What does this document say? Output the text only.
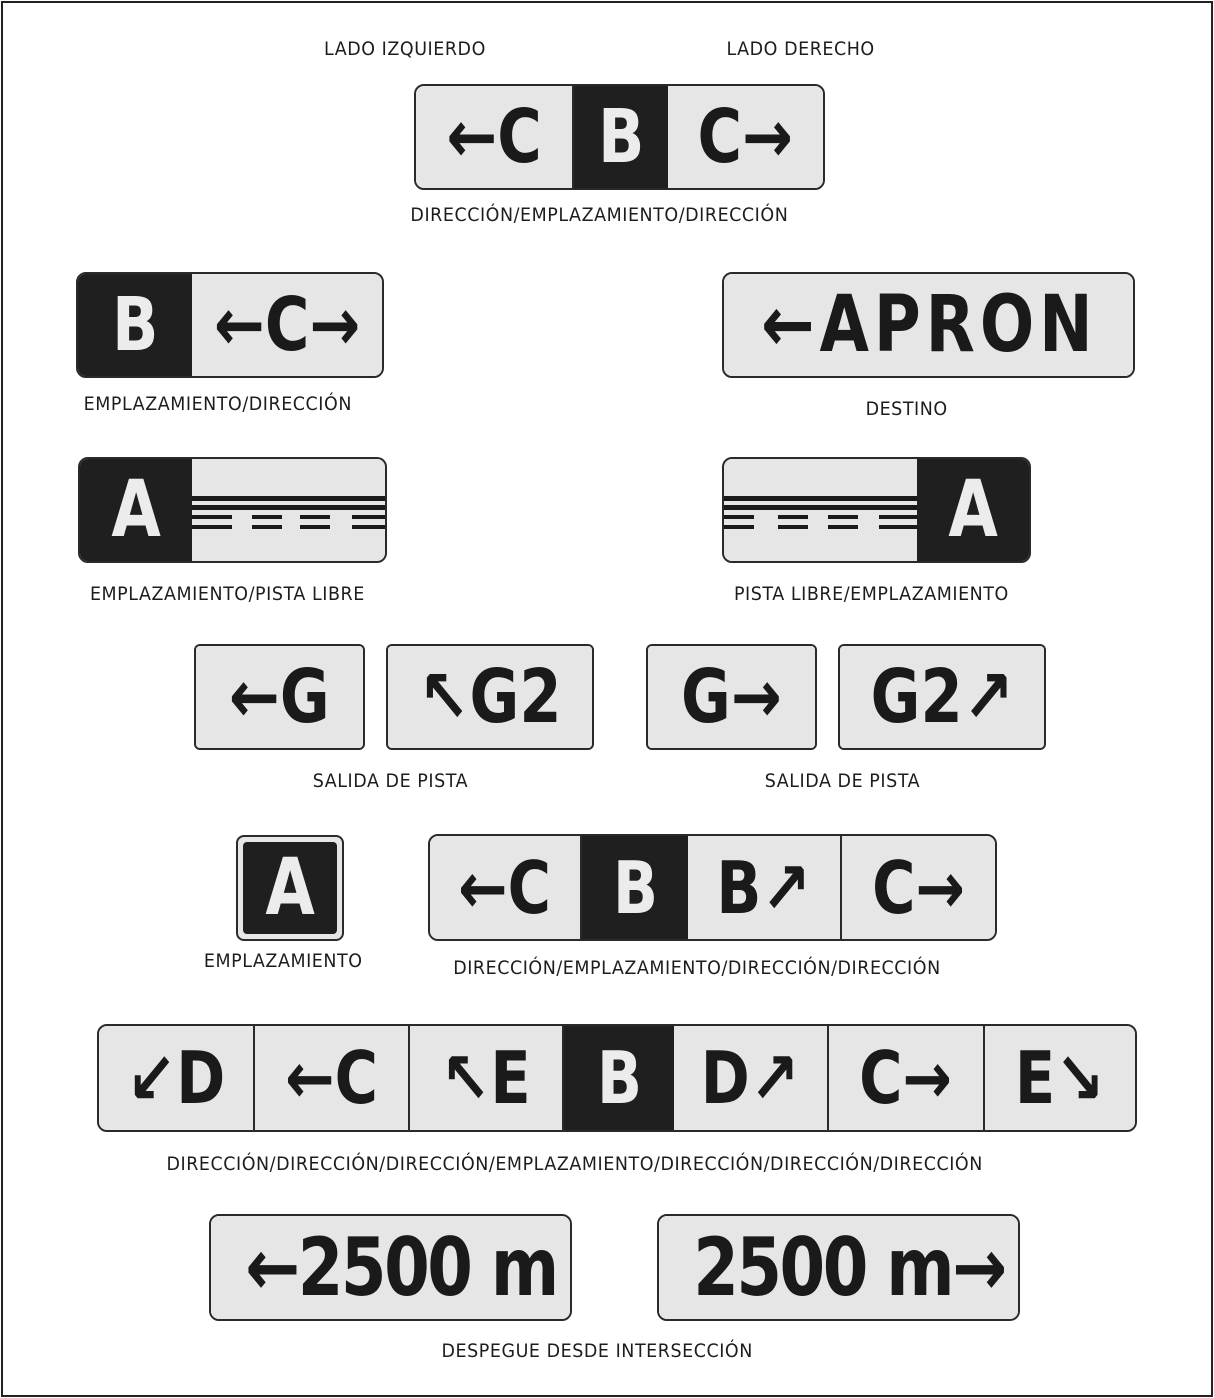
LADO IZQUIERDO	LADO DERECHO
←C B C→
DIRECCIÓN/EMPLAZAMIENTO/DIRECCIÓN
B ←C→
EMPLAZAMIENTO/DIRECCIÓN
←APRON
DESTINO
A
EMPLAZAMIENTO/PISTA LIBRE
A
PISTA LIBRE/EMPLAZAMIENTO
←G ↖G2
SALIDA DE PISTA
G→ G2↗
SALIDA DE PISTA
A
EMPLAZAMIENTO
←C B B↗ C→
DIRECCIÓN/EMPLAZAMIENTO/DIRECCIÓN/DIRECCIÓN
↙D ←C ↖E B D↗ C→ E↘
DIRECCIÓN/DIRECCIÓN/DIRECCIÓN/EMPLAZAMIENTO/DIRECCIÓN/DIRECCIÓN/DIRECCIÓN
←2500 m 2500 m→
DESPEGUE DESDE INTERSECCIÓN
